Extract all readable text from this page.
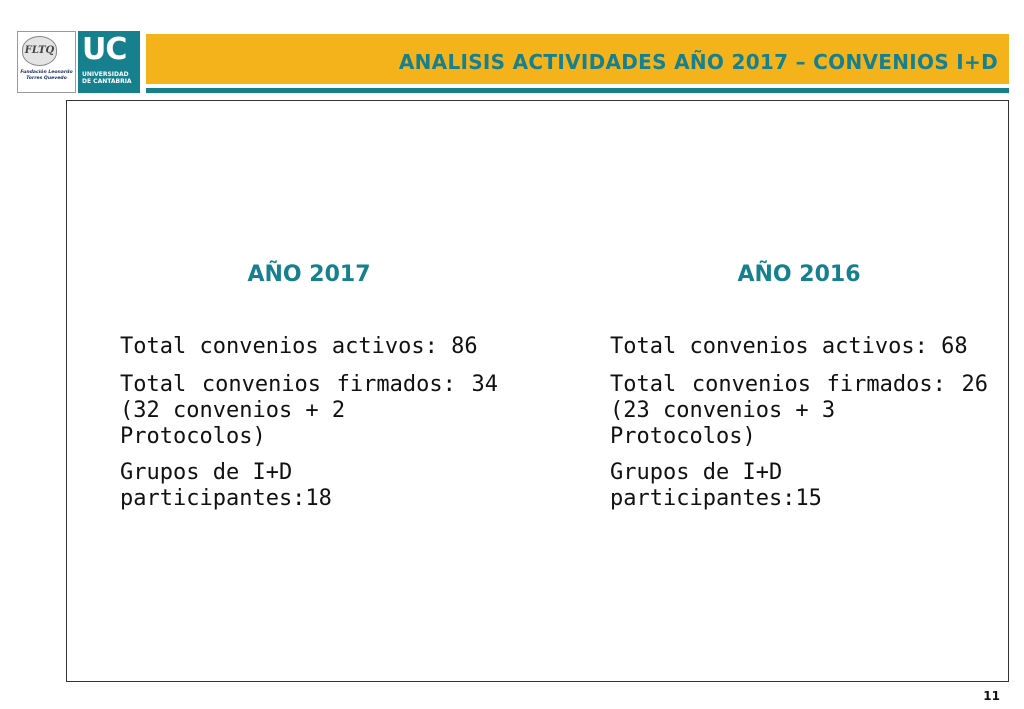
FLTQ
Fundación Leonardo
Torres Quevedo
UC
UNIVERSIDAD
DE CANTABRIA
ANALISIS ACTIVIDADES AÑO 2017 – CONVENIOS I+D
AÑO 2017
Total convenios activos: 86
Total convenios firmados: 34
(32 convenios + 2 Protocolos)
Grupos de I+D participantes:18
AÑO 2016
Total convenios activos: 68
Total convenios firmados: 26
(23 convenios + 3 Protocolos)
Grupos de I+D participantes:15
11
